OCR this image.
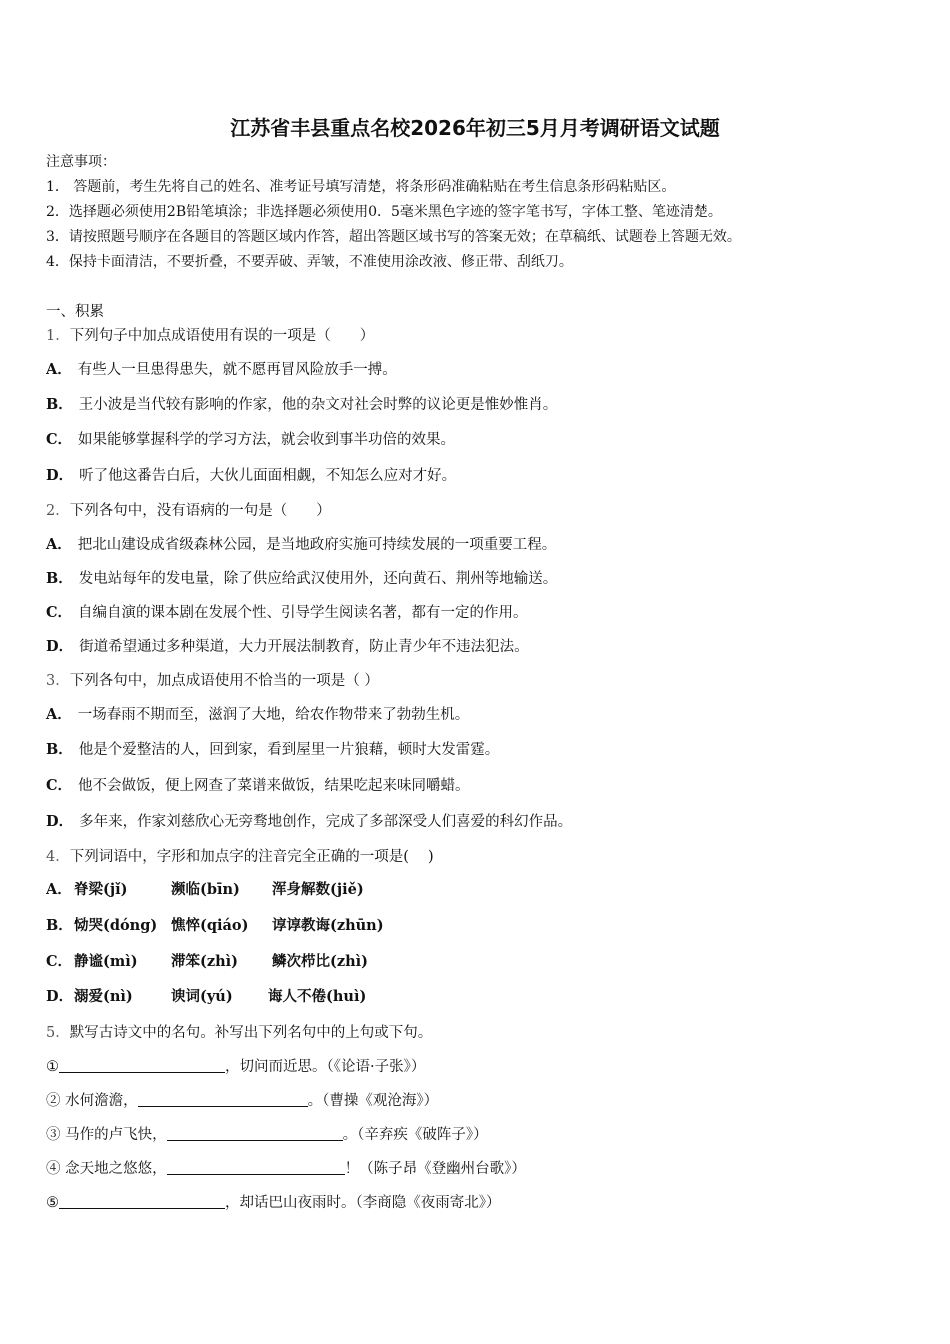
江苏省丰县重点名校2026年初三5月月考调研语文试题
注意事项：
1． 答题前，考生先将自己的姓名、准考证号填写清楚，将条形码准确粘贴在考生信息条形码粘贴区。
2．选择题必须使用2B铅笔填涂；非选择题必须使用0．5毫米黑色字迹的签字笔书写，字体工整、笔迹清楚。
3．请按照题号顺序在各题目的答题区域内作答，超出答题区域书写的答案无效；在草稿纸、试题卷上答题无效。
4．保持卡面清洁，不要折叠，不要弄破、弄皱，不准使用涂改液、修正带、刮纸刀。
一、积累
1．下列句子中加点成语使用有误的一项是（　　）
A． 有些人一旦患得患失，就不愿再冒风险放手一搏。
B． 王小波是当代较有影响的作家，他的杂文对社会时弊的议论更是惟妙惟肖。
C． 如果能够掌握科学的学习方法，就会收到事半功倍的效果。
D． 听了他这番告白后，大伙儿面面相觑，不知怎么应对才好。
2．下列各句中，没有语病的一句是（　　）
A． 把北山建设成省级森林公园，是当地政府实施可持续发展的一项重要工程。
B． 发电站每年的发电量，除了供应给武汉使用外，还向黄石、荆州等地输送。
C． 自编自演的课本剧在发展个性、引导学生阅读名著，都有一定的作用。
D． 街道希望通过多种渠道，大力开展法制教育，防止青少年不违法犯法。
3．下列各句中，加点成语使用不恰当的一项是（ ）
A． 一场春雨不期而至，滋润了大地，给农作物带来了勃勃生机。
B． 他是个爱整洁的人，回到家，看到屋里一片狼藉，顿时大发雷霆。
C． 他不会做饭，便上网查了菜谱来做饭，结果吃起来味同嚼蜡。
D． 多年来，作家刘慈欣心无旁骛地创作，完成了多部深受人们喜爱的科幻作品。
4．下列词语中，字形和加点字的注音完全正确的一项是(　 )
A． 脊梁(jǐ)	濒临(bīn) 浑身解数(jiě)
B．恸哭(dóng) 憔悴(qiáo) 谆谆教诲(zhūn)
C． 静谧(mì) 滞笨(zhì) 鳞次栉比(zhì)
D．溺爱(nì)	谀词(yú) 诲人不倦(huì)
5．默写古诗文中的名句。补写出下列名句中的上句或下句。
①	，切问而近思。（《论语·子张》）
② 水何澹澹，	。（曹操《观沧海》）
③ 马作的卢飞快，	。（辛弃疾《破阵子》）
④ 念天地之悠悠，	！（陈子昂《登幽州台歌》）
⑤	，却话巴山夜雨时。（李商隐《夜雨寄北》）
